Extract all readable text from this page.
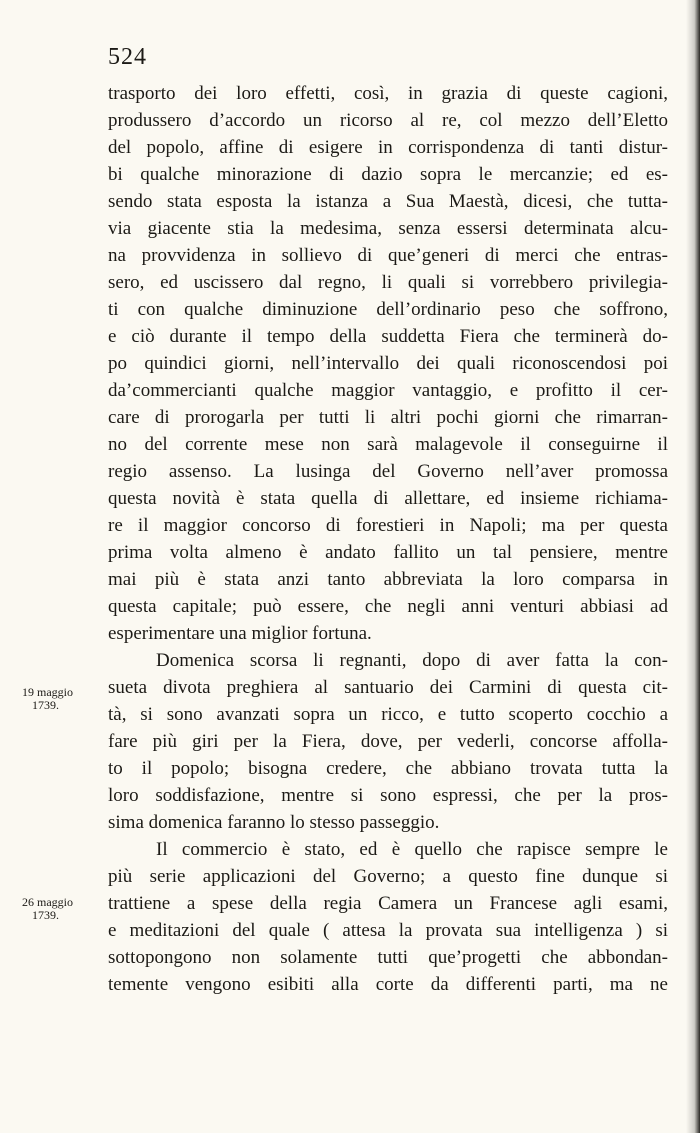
524
19 maggio
1739.
26 maggio
1739.
trasporto dei loro effetti, così, in grazia di queste cagioni,
produssero d’accordo un ricorso al re, col mezzo dell’Eletto
del popolo, affine di esigere in corrispondenza di tanti distur-
bi qualche minorazione di dazio sopra le mercanzie; ed es-
sendo stata esposta la istanza a Sua Maestà, dicesi, che tutta-
via giacente stia la medesima, senza essersi determinata alcu-
na provvidenza in sollievo di que’generi di merci che entras-
sero, ed uscissero dal regno, li quali si vorrebbero privilegia-
ti con qualche diminuzione dell’ordinario peso che soffrono,
e ciò durante il tempo della suddetta Fiera che terminerà do-
po quindici giorni, nell’intervallo dei quali riconoscendosi poi
da’commercianti qualche maggior vantaggio, e profitto il cer-
care di prorogarla per tutti li altri pochi giorni che rimarran-
no del corrente mese non sarà malagevole il conseguirne il
regio assenso. La lusinga del Governo nell’aver promossa
questa novità è stata quella di allettare, ed insieme richiama-
re il maggior concorso di forestieri in Napoli; ma per questa
prima volta almeno è andato fallito un tal pensiere, mentre
mai più è stata anzi tanto abbreviata la loro comparsa in
questa capitale; può essere, che negli anni venturi abbiasi ad
esperimentare una miglior fortuna.
Domenica scorsa li regnanti, dopo di aver fatta la con-
sueta divota preghiera al santuario dei Carmini di questa cit-
tà, si sono avanzati sopra un ricco, e tutto scoperto cocchio a
fare più giri per la Fiera, dove, per vederli, concorse affolla-
to il popolo; bisogna credere, che abbiano trovata tutta la
loro soddisfazione, mentre si sono espressi, che per la pros-
sima domenica faranno lo stesso passeggio.
Il commercio è stato, ed è quello che rapisce sempre le
più serie applicazioni del Governo; a questo fine dunque si
trattiene a spese della regia Camera un Francese agli esami,
e meditazioni del quale ( attesa la provata sua intelligenza ) si
sottopongono non solamente tutti que’progetti che abbondan-
temente vengono esibiti alla corte da differenti parti, ma ne
